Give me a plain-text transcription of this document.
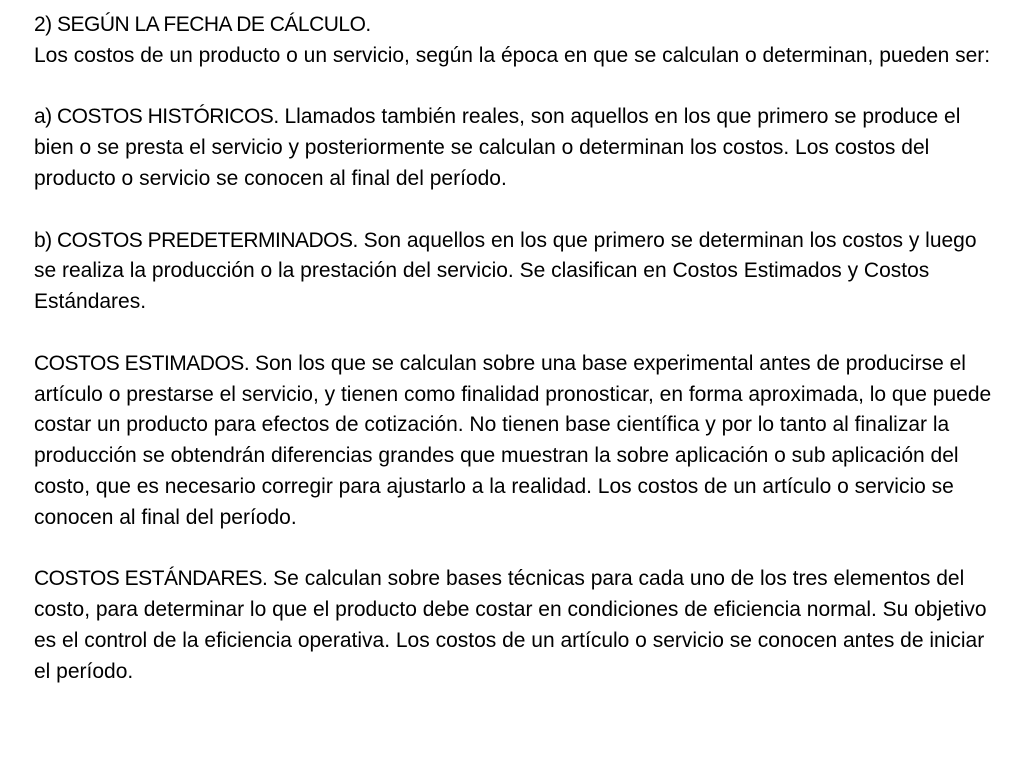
2) SEGÚN LA FECHA DE CÁLCULO.
Los costos de un producto o un servicio, según la época en que se calculan o determinan, pueden ser:

a) COSTOS HISTÓRICOS. Llamados también reales, son aquellos en los que primero se produce el bien o se presta el servicio y posteriormente se calculan o determinan los costos. Los costos del producto o servicio se conocen al final del período.

b) COSTOS PREDETERMINADOS. Son aquellos en los que primero se determinan los costos y luego se realiza la producción o la prestación del servicio. Se clasifican en Costos Estimados y Costos Estándares.

COSTOS ESTIMADOS. Son los que se calculan sobre una base experimental antes de producirse el artículo o prestarse el servicio, y tienen como finalidad pronosticar, en forma aproximada, lo que puede costar un producto para efectos de cotización. No tienen base científica y por lo tanto al finalizar la producción se obtendrán diferencias grandes que muestran la sobre aplicación o sub aplicación del costo, que es necesario corregir para ajustarlo a la realidad. Los costos de un artículo o servicio se conocen al final del período.

COSTOS ESTÁNDARES. Se calculan sobre bases técnicas para cada uno de los tres elementos del costo, para determinar lo que el producto debe costar en condiciones de eficiencia normal. Su objetivo es el control de la eficiencia operativa. Los costos de un artículo o servicio se conocen antes de iniciar el período.
